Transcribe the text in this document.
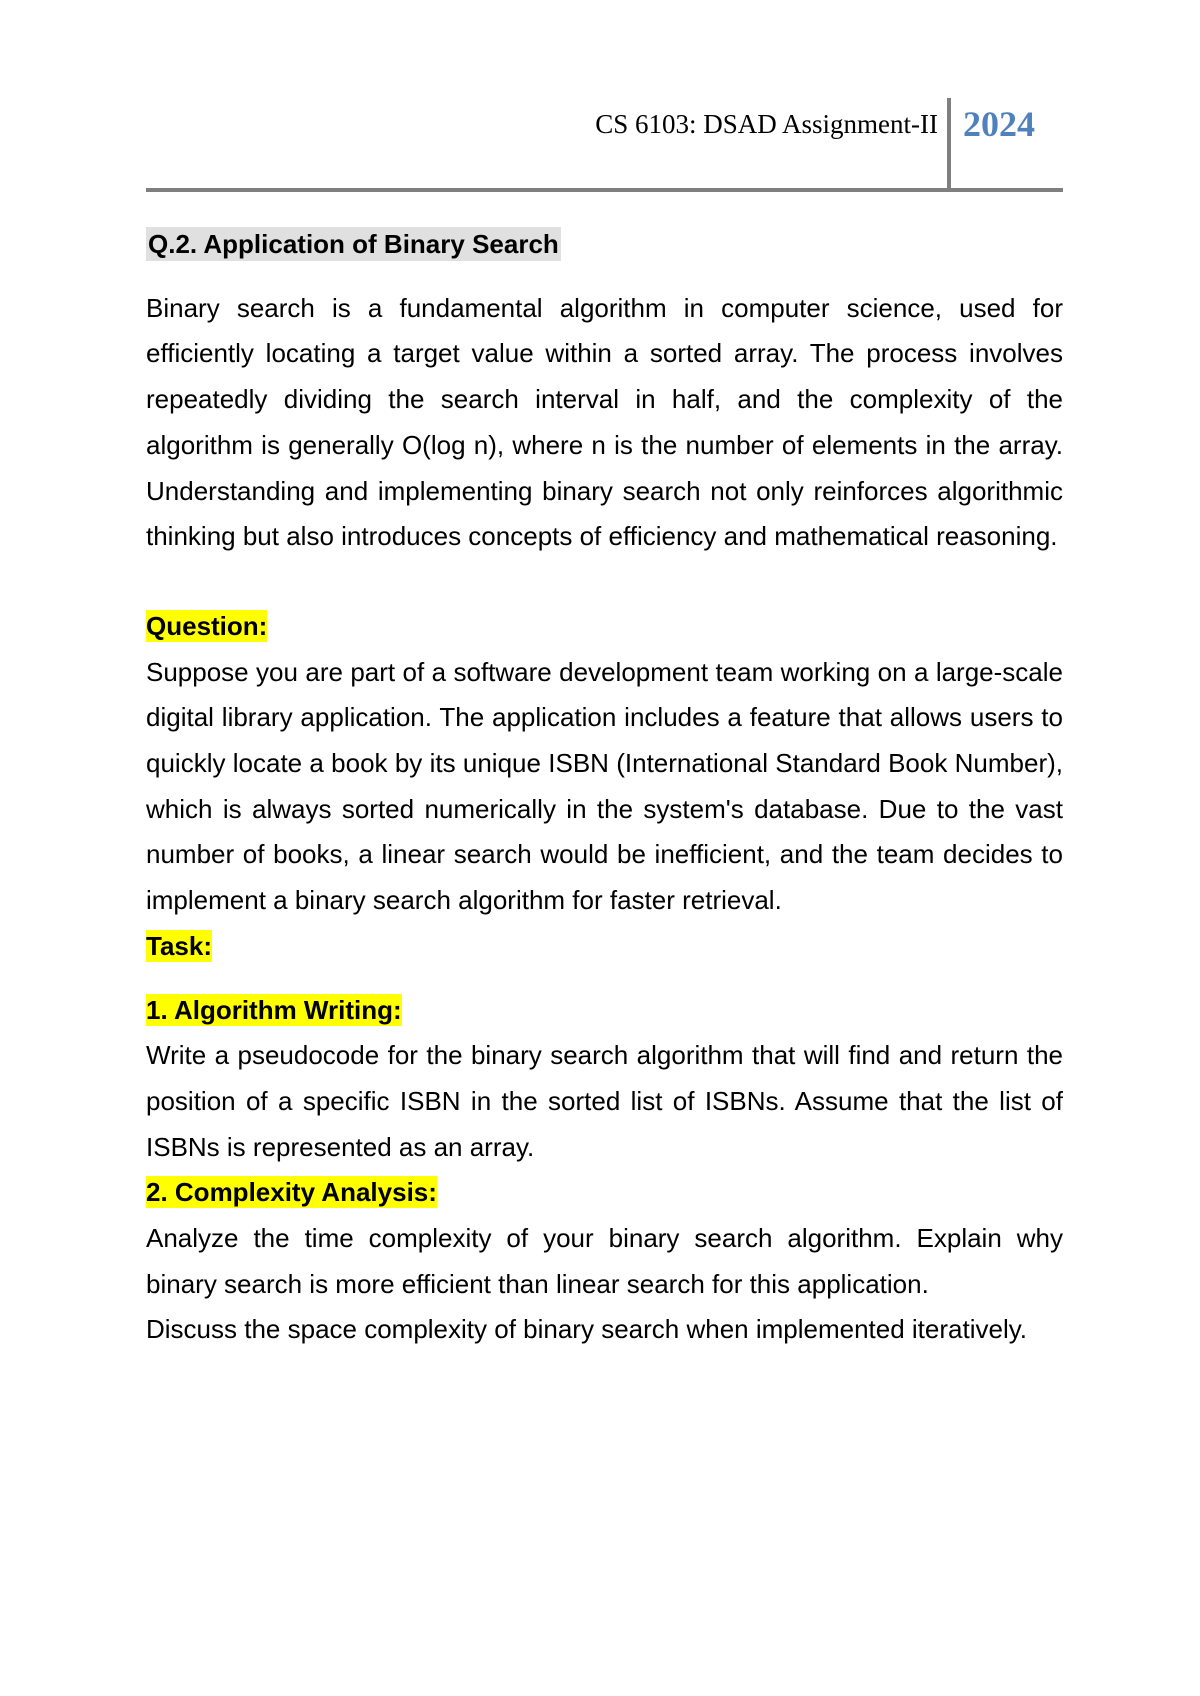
CS 6103: DSAD Assignment-II 2024
Q.2. Application of Binary Search

Binary search is a fundamental algorithm in computer science, used for efficiently locating a target value within a sorted array. The process involves repeatedly dividing the search interval in half, and the complexity of the algorithm is generally O(log n), where n is the number of elements in the array. Understanding and implementing binary search not only reinforces algorithmic thinking but also introduces concepts of efficiency and mathematical reasoning.

Question:

Suppose you are part of a software development team working on a large-scale digital library application. The application includes a feature that allows users to quickly locate a book by its unique ISBN (International Standard Book Number), which is always sorted numerically in the system's database. Due to the vast number of books, a linear search would be inefficient, and the team decides to implement a binary search algorithm for faster retrieval.

Task:
1. Algorithm Writing:

Write a pseudocode for the binary search algorithm that will find and return the position of a specific ISBN in the sorted list of ISBNs. Assume that the list of ISBNs is represented as an array.

2. Complexity Analysis:

Analyze the time complexity of your binary search algorithm. Explain why binary search is more efficient than linear search for this application.

Discuss the space complexity of binary search when implemented iteratively.
